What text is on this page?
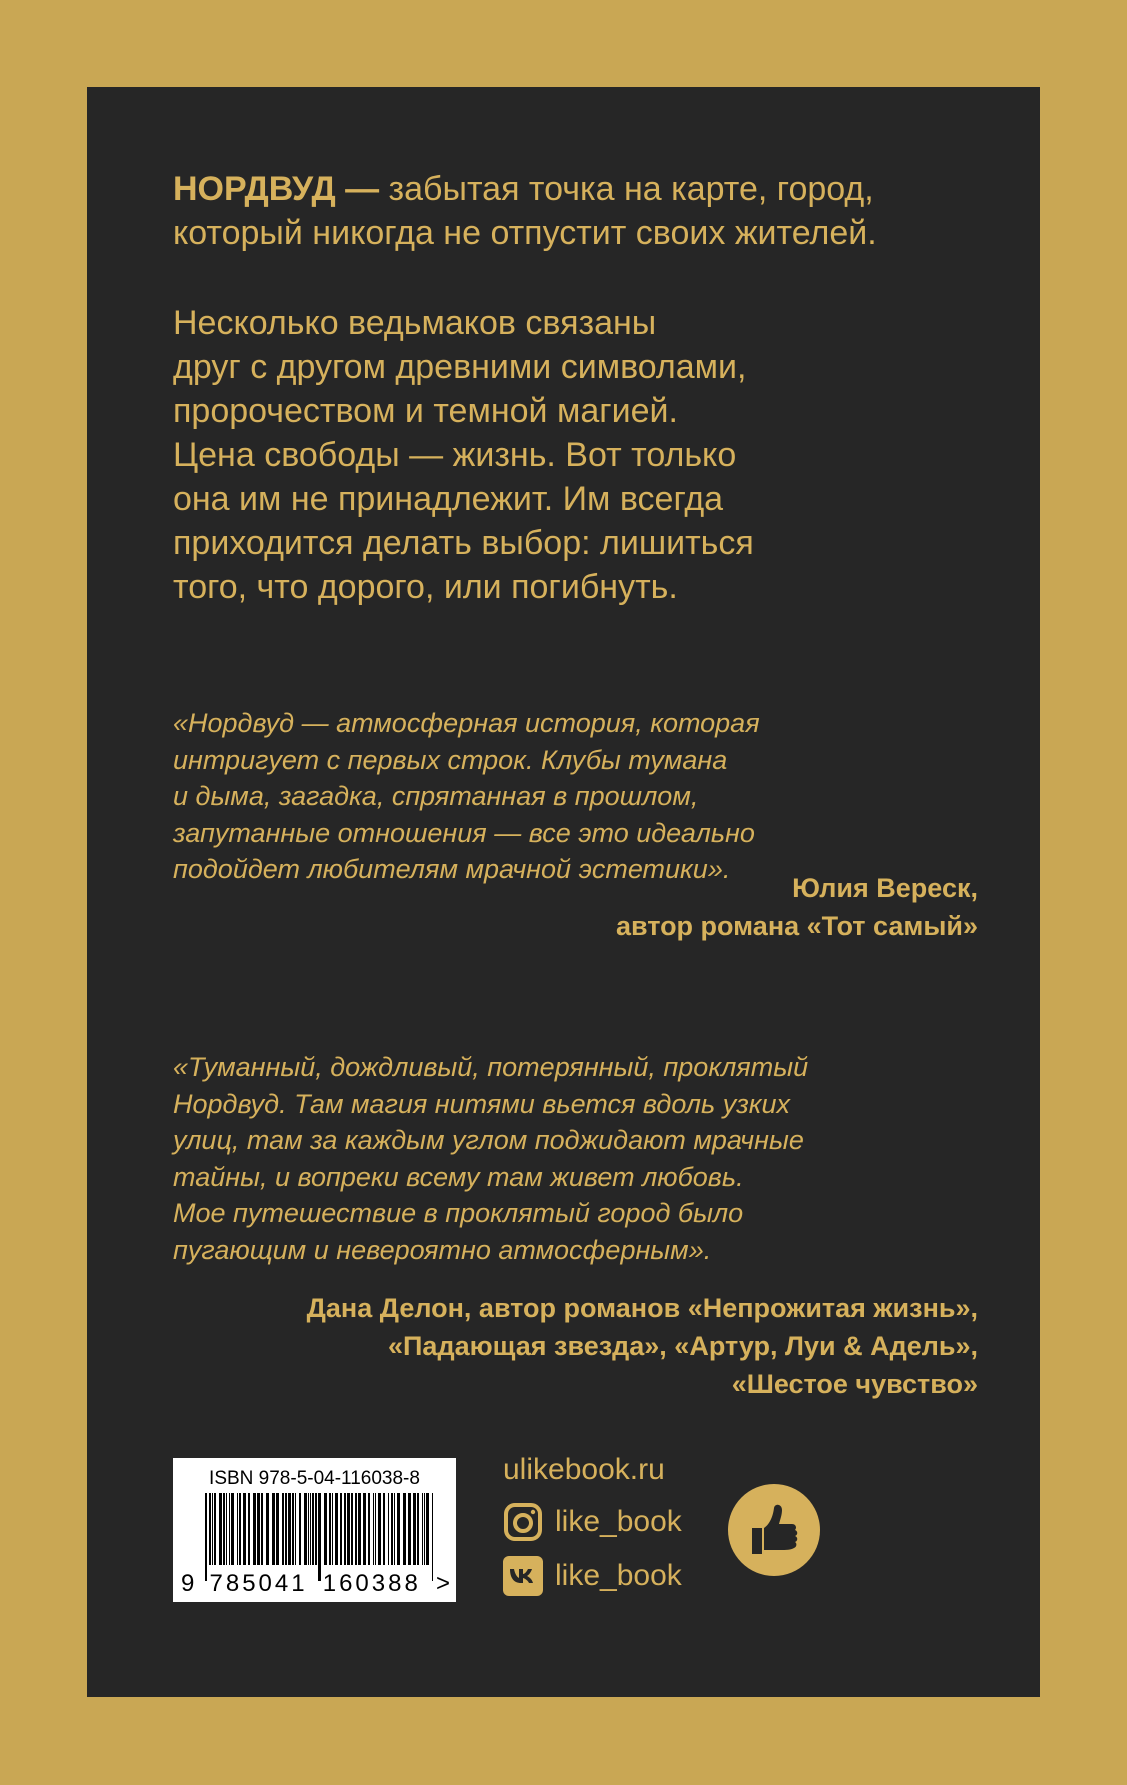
НОРДВУД — забытая точка на карте, город,
который никогда не отпустит своих жителей.
Несколько ведьмаков связаны
друг с другом древними символами,
пророчеством и темной магией.
Цена свободы — жизнь. Вот только
она им не принадлежит. Им всегда
приходится делать выбор: лишиться
того, что дорого, или погибнуть.
«Нордвуд — атмосферная история, которая
интригует с первых строк. Клубы тумана
и дыма, загадка, спрятанная в прошлом,
запутанные отношения — все это идеально
подойдет любителям мрачной эстетики».
Юлия Вереск,
автор романа «Тот самый»
«Туманный, дождливый, потерянный, проклятый
Нордвуд. Там магия нитями вьется вдоль узких
улиц, там за каждым углом поджидают мрачные
тайны, и вопреки всему там живет любовь.
Мое путешествие в проклятый город было
пугающим и невероятно атмосферным».
Дана Делон, автор романов «Непрожитая жизнь»,
«Падающая звезда», «Артур, Луи & Адель»,
«Шестое чувство»
ISBN 978-5-04-116038-8
9 785041 160388 >
ulikebook.ru
like_book
like_book
